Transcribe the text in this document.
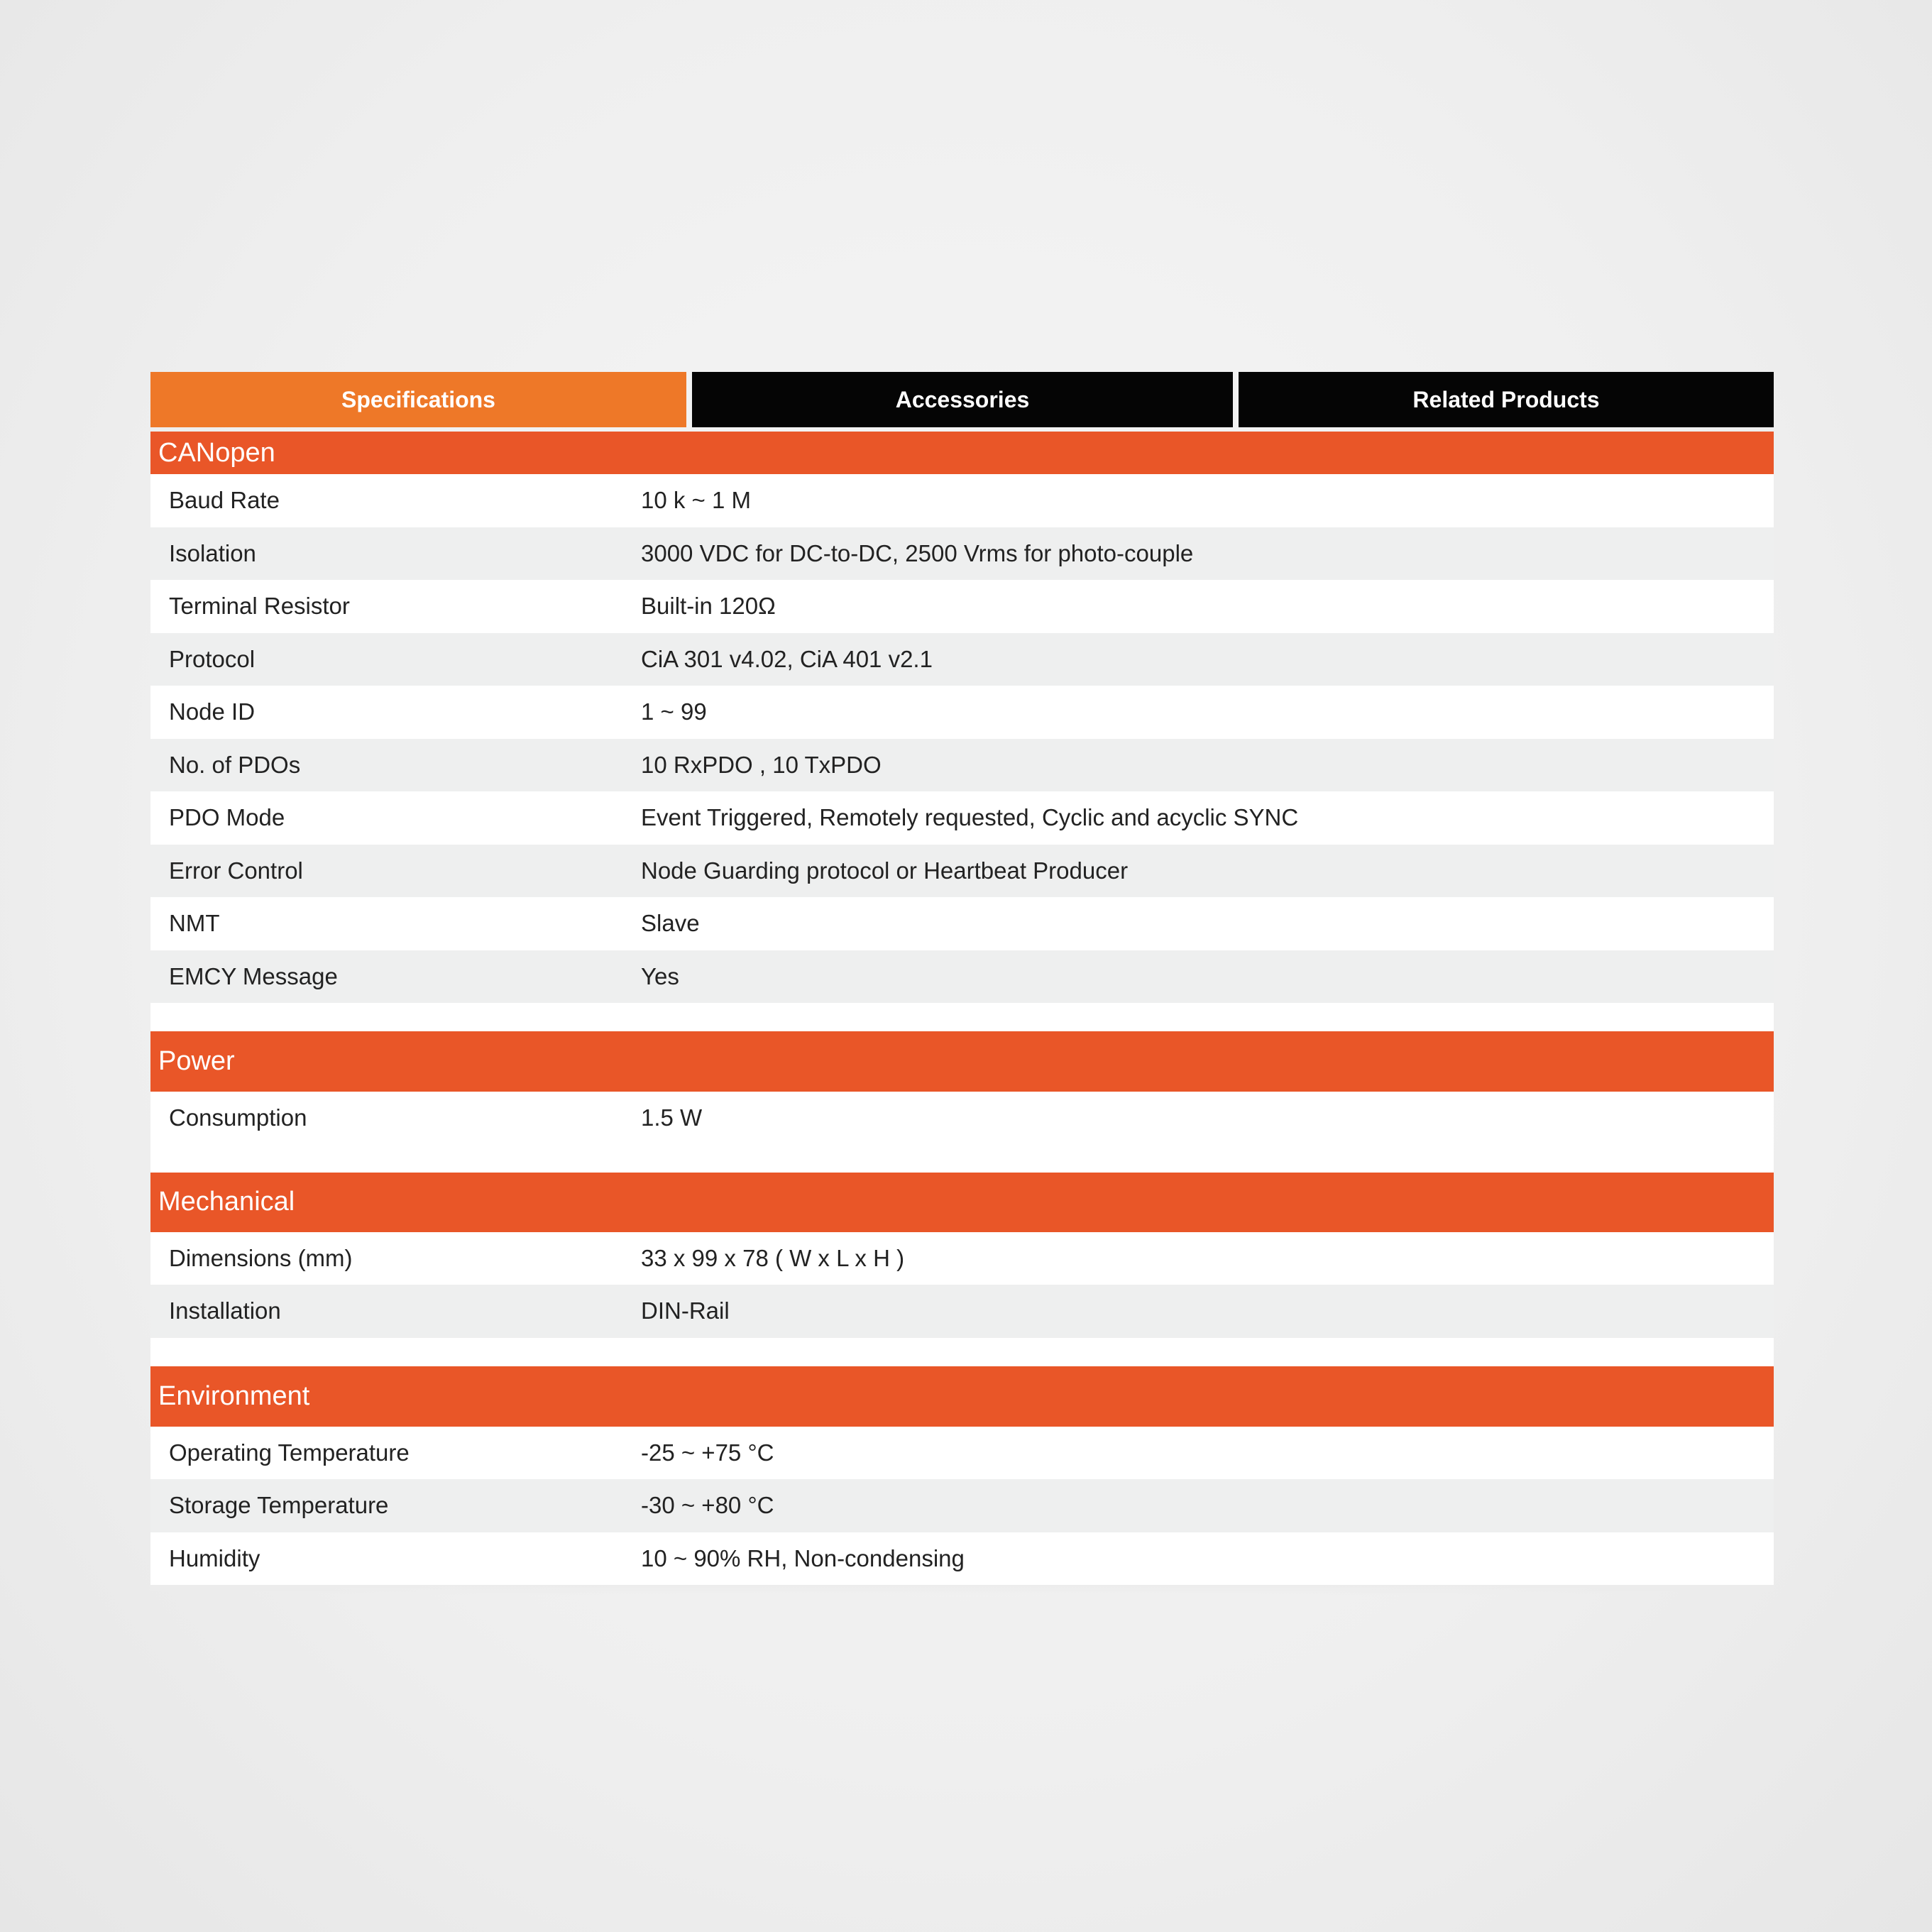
Specifications	Accessories	Related Products
CANopen
Baud Rate	10 k ~ 1 M
Isolation	3000 VDC for DC-to-DC, 2500 Vrms for photo-couple
Terminal Resistor	Built-in 120Ω
Protocol	CiA 301 v4.02, CiA 401 v2.1
Node ID	1 ~ 99
No. of PDOs	10 RxPDO , 10 TxPDO
PDO Mode	Event Triggered, Remotely requested, Cyclic and acyclic SYNC
Error Control	Node Guarding protocol or Heartbeat Producer
NMT	Slave
EMCY Message	Yes
Power
Consumption	1.5 W
Mechanical
Dimensions (mm)	33 x 99 x 78 ( W x L x H )
Installation	DIN-Rail
Environment
Operating Temperature	-25 ~ +75 °C
Storage Temperature	-30 ~ +80 °C
Humidity	10 ~ 90% RH, Non-condensing
